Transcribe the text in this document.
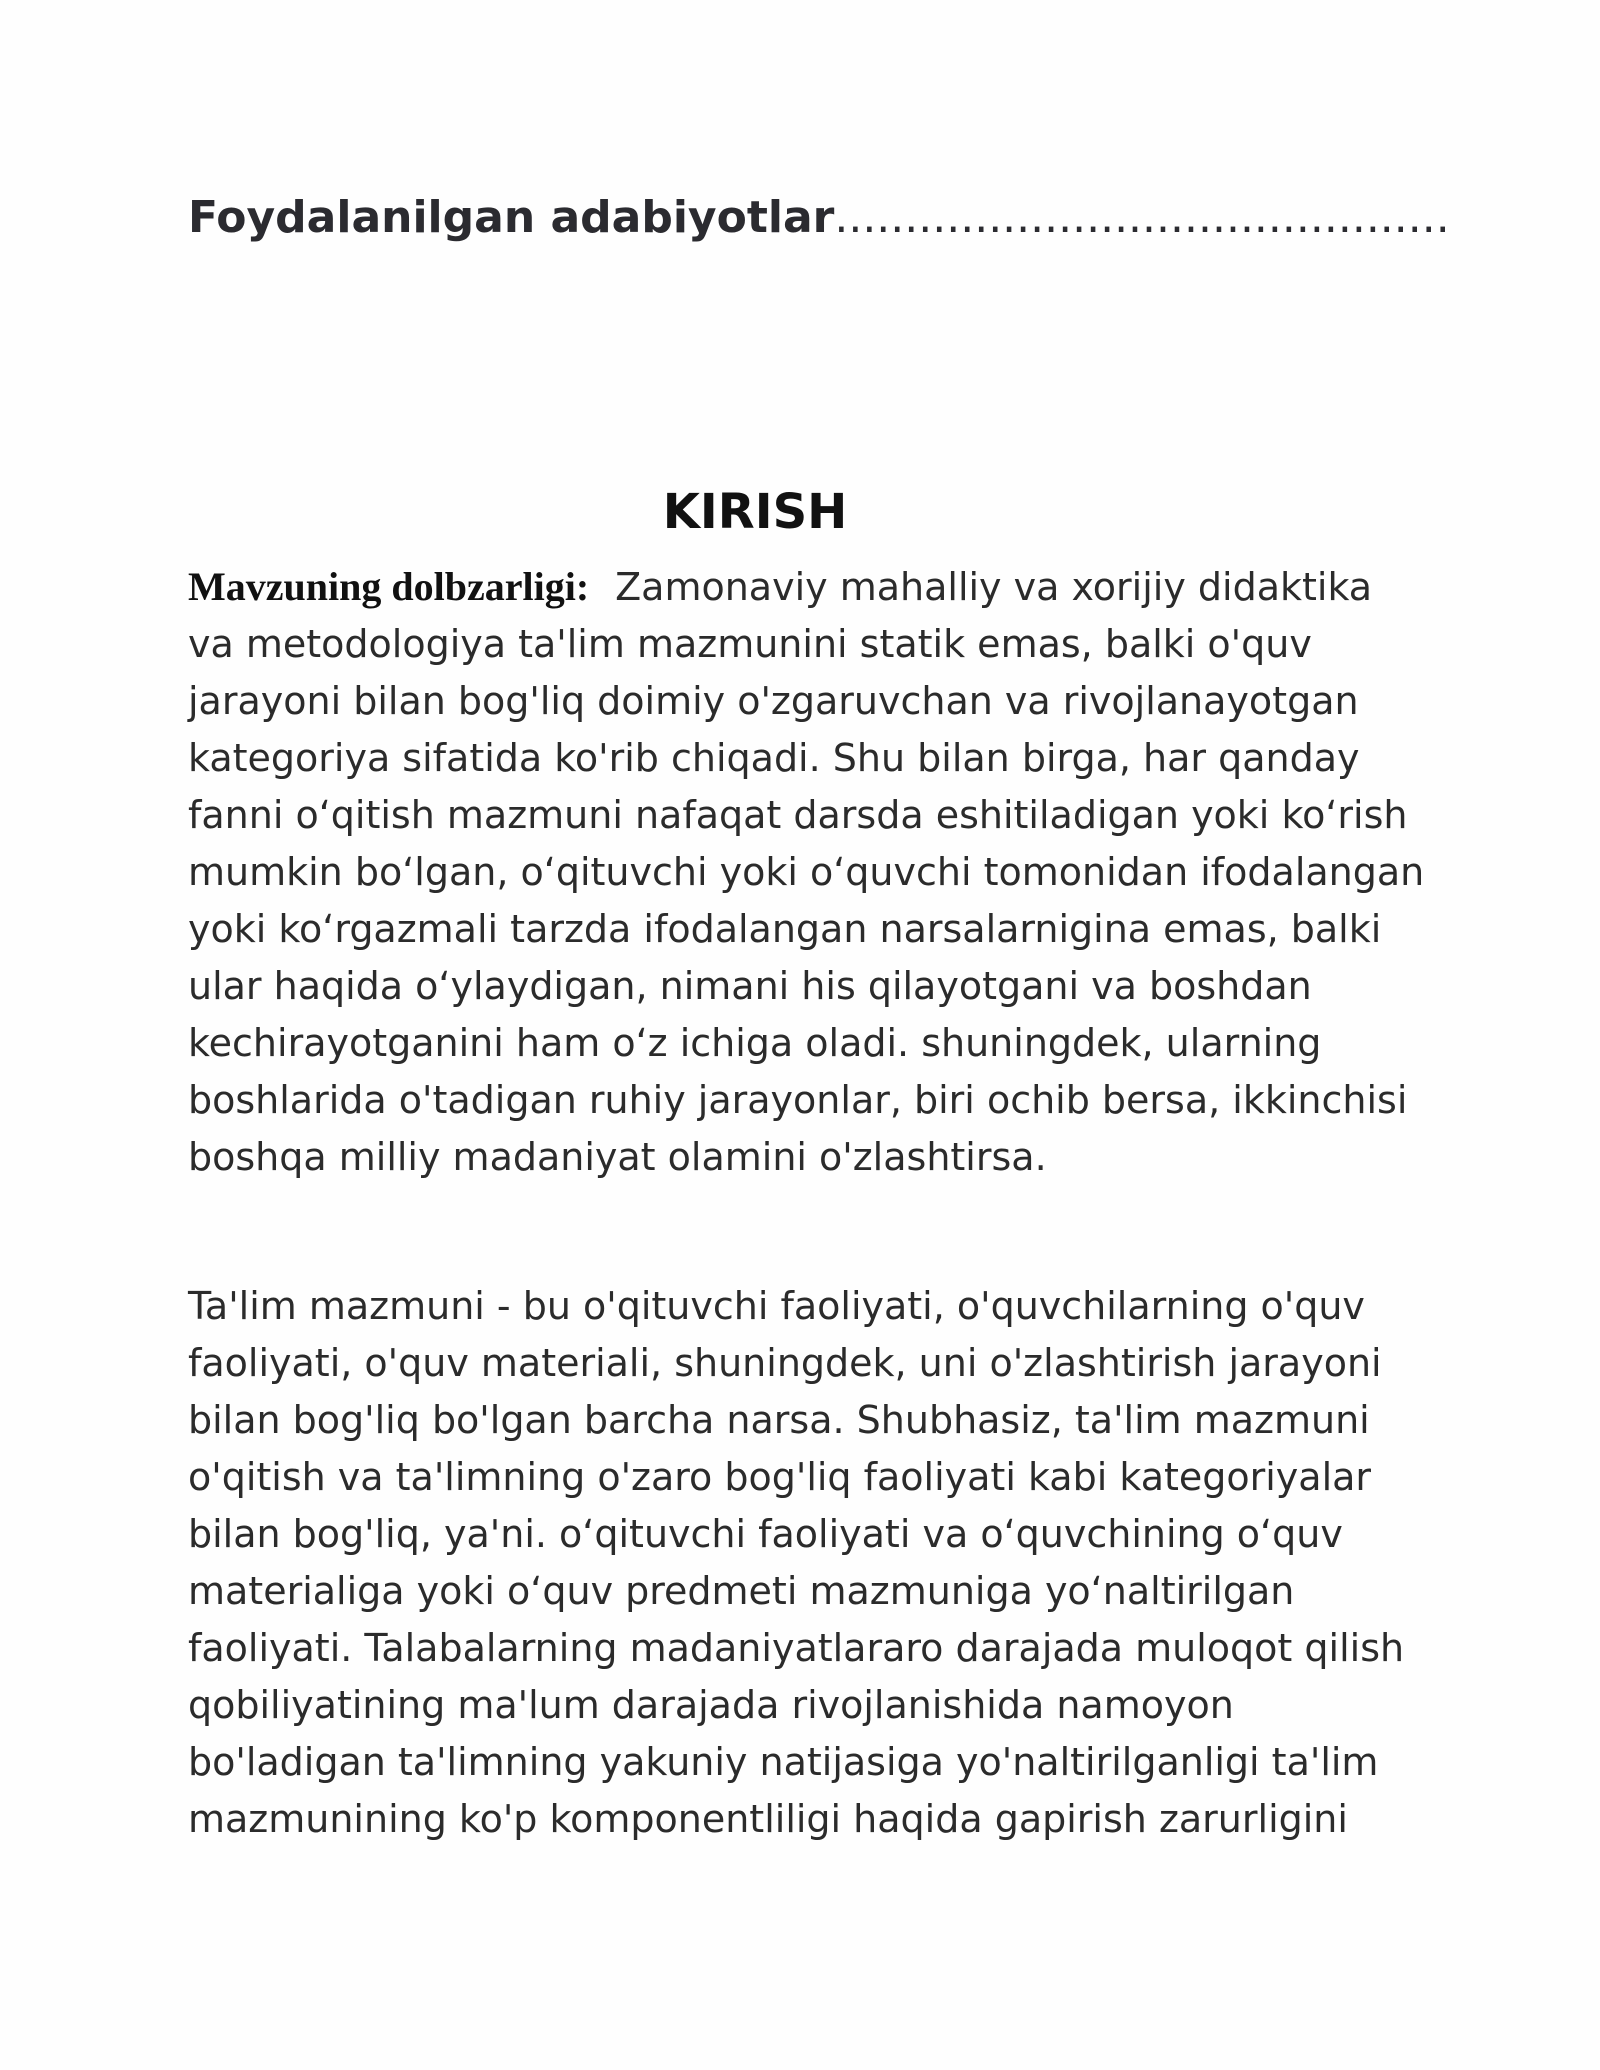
Foydalanilgan adabiyotlar............................................
KIRISH

Mavzuning dolbzarligi: Zamonaviy mahalliy va xorijiy didaktika va metodologiya ta'lim mazmunini statik emas, balki o'quv jarayoni bilan bog'liq doimiy o'zgaruvchan va rivojlanayotgan kategoriya sifatida ko'rib chiqadi. Shu bilan birga, har qanday fanni o‘qitish mazmuni nafaqat darsda eshitiladigan yoki ko‘rish mumkin bo‘lgan, o‘qituvchi yoki o‘quvchi tomonidan ifodalangan yoki ko‘rgazmali tarzda ifodalangan narsalarnigina emas, balki ular haqida o‘ylaydigan, nimani his qilayotgani va boshdan kechirayotganini ham o‘z ichiga oladi. shuningdek, ularning boshlarida o'tadigan ruhiy jarayonlar, biri ochib bersa, ikkinchisi boshqa milliy madaniyat olamini o'zlashtirsa.

Ta'lim mazmuni - bu o'qituvchi faoliyati, o'quvchilarning o'quv faoliyati, o'quv materiali, shuningdek, uni o'zlashtirish jarayoni bilan bog'liq bo'lgan barcha narsa. Shubhasiz, ta'lim mazmuni o'qitish va ta'limning o'zaro bog'liq faoliyati kabi kategoriyalar bilan bog'liq, ya'ni. o‘qituvchi faoliyati va o‘quvchining o‘quv materialiga yoki o‘quv predmeti mazmuniga yo‘naltirilgan faoliyati. Talabalarning madaniyatlararo darajada muloqot qilish qobiliyatining ma'lum darajada rivojlanishida namoyon bo'ladigan ta'limning yakuniy natijasiga yo'naltirilganligi ta'lim mazmunining ko'p komponentliligi haqida gapirish zarurligini
